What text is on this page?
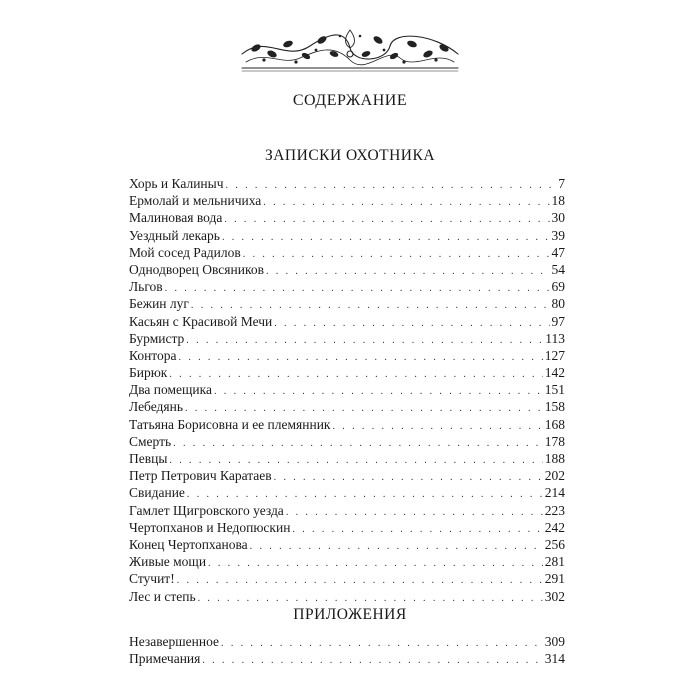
СОДЕРЖАНИЕ
ЗАПИСКИ ОХОТНИКА
Хорь и Калиныч . . .	7
Ермолай и мельничиха . . .	18
Малиновая вода . . .	30
Уездный лекарь . . .	39
Мой сосед Радилов . . .	47
Однодворец Овсяников . . .	54
Льгов . . .	69
Бежин луг . . .	80
Касьян с Красивой Мечи . . .	97
Бурмистр . . .	113
Контора . . .	127
Бирюк . . .	142
Два помещика . . .	151
Лебедянь . . .	158
Татьяна Борисовна и ее племянник . . .	168
Смерть . . .	178
Певцы . . .	188
Петр Петрович Каратаев . . .	202
Свидание . . .	214
Гамлет Щигровского уезда . . .	223
Чертопханов и Недопюскин . . .	242
Конец Чертопханова . . .	256
Живые мощи . . .	281
Стучит! . . .	291
Лес и степь . . .	302
ПРИЛОЖЕНИЯ
Незавершенное . . .	309
Примечания . . .	314
